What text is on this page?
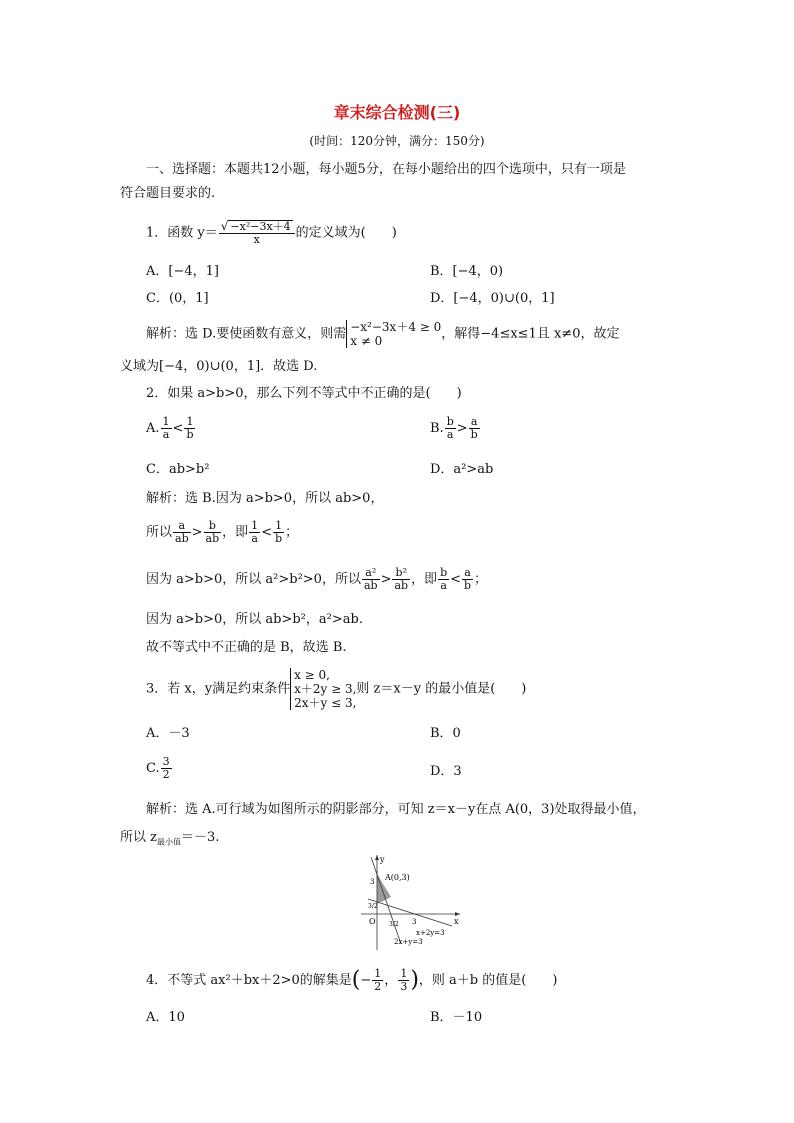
章末综合检测(三)
(时间：120分钟，满分：150分)
一、选择题：本题共12小题，每小题5分，在每小题给出的四个选项中，只有一项是
符合题目要求的.
1．函数 $y= \frac{\text{√ −x²−3x＋4}}{x}$ 的定义域为(　　)
A．[−4，1]	B．[−4，0)
C．(0，1]	D．[−4，0)∪(0，1]
解析：选 D.要使函数有意义，则需 −x²−3x＋4 ≥ 0
x ≠ 0	，解得−4≤x≤1且 x≠0，故定
义域为[−4，0)∪(0，1]．故选 D.
2．如果 a>b>0，那么下列不等式中不正确的是(　　)
A. $\frac{1}{a} < \frac{1}{b}$	B. $\frac{b}{a} > \frac{a}{b}$
C．ab>b²	D．a²>ab
解析：选 B.因为 a>b>0，所以 ab>0，
所以 $\frac{a}{ab} > \frac{b}{ab}$ ，即 $\frac{1}{a} < \frac{1}{b}$ ；
因为 a>b>0，所以 a²>b²>0，所以 $\frac{\text{a²}}{ab} > \frac{\text{b²}}{ab}$ ，即 $\frac{b}{a} < \frac{a}{b}$ ；
因为 a>b>0，所以 ab>b²，a²>ab.
故不等式中不正确的是 B，故选 B.
3．若 x，y满足约束条件
x ≥ 0,
x＋2y ≥ 3,
2x＋y ≤ 3,
则 z＝x－y 的最小值是(　　)
A．－3	B．0
C. $\frac{3}{2}$	D．3
解析：选 A.可行域为如图所示的阴影部分，可知 z＝x－y在点 A(0，3)处取得最小值，
所以 $z_{最小值}=-3$.
y
x
O
A(0,3)
3
3/2
3/2 3
x+2y=3
2x+y=3
4．不等式 ax²＋bx＋2>0的解集是(− $\frac{1}{2}$ ， $\frac{1}{3}$ )，则 a＋b 的值是(　　)
A．10	B．－10
